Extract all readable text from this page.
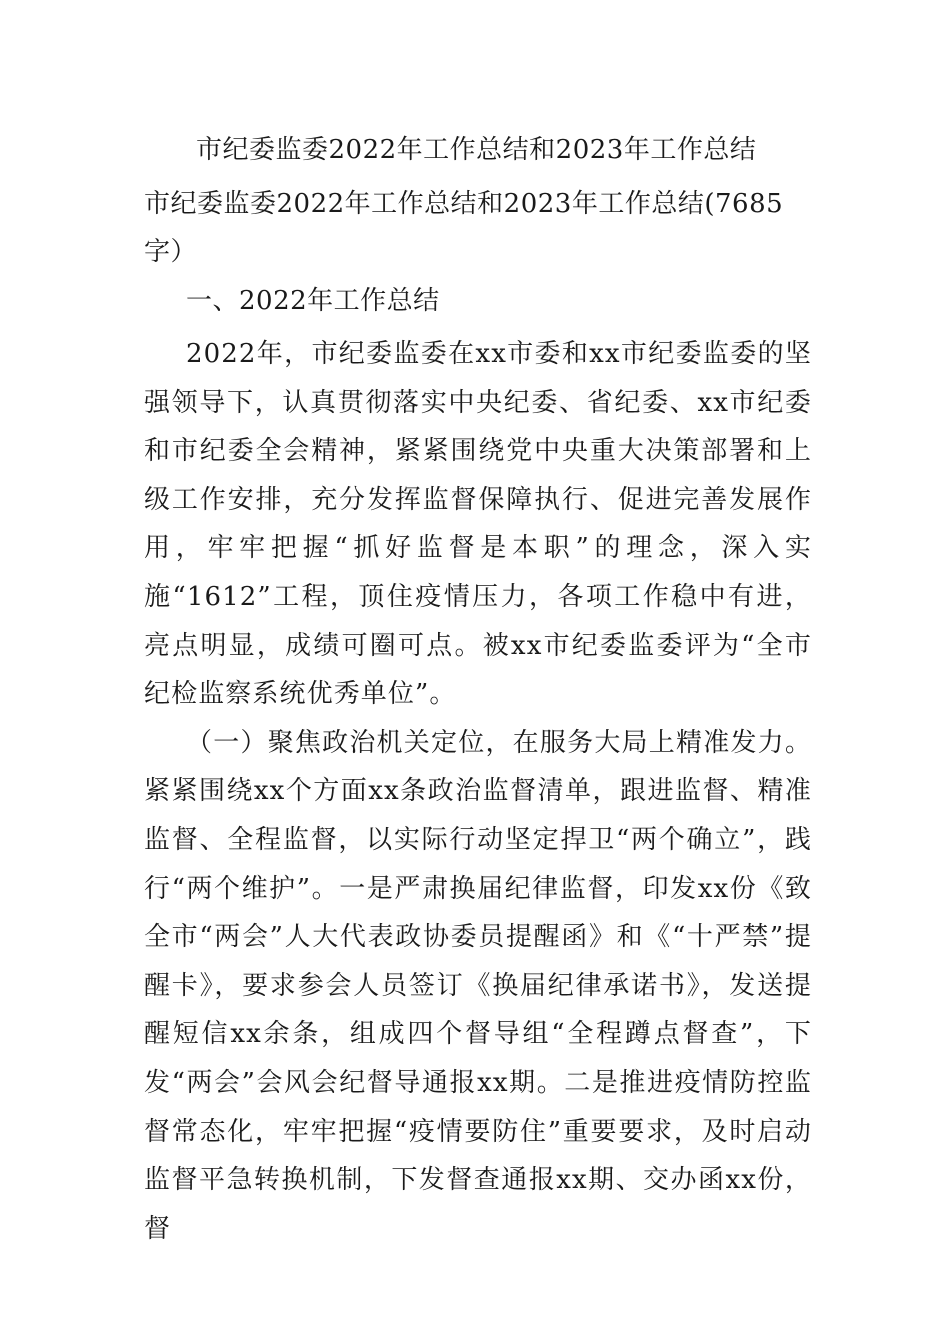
市纪委监委2022年工作总结和2023年工作总结
市纪委监委2022年工作总结和2023年工作总结(7685字）
一、2022年工作总结

2022年，市纪委监委在xx市委和xx市纪委监委的坚强领导下，认真贯彻落实中央纪委、省纪委、xx市纪委和市纪委全会精神，紧紧围绕党中央重大决策部署和上级工作安排，充分发挥监督保障执行、促进完善发展作用，牢牢把握“抓好监督是本职”的理念，深入实施“1612”工程，顶住疫情压力，各项工作稳中有进，亮点明显，成绩可圈可点。被xx市纪委监委评为“全市纪检监察系统优秀单位”。

（一）聚焦政治机关定位，在服务大局上精准发力。紧紧围绕xx个方面xx条政治监督清单，跟进监督、精准监督、全程监督，以实际行动坚定捍卫“两个确立”，践行“两个维护”。一是严肃换届纪律监督，印发xx份《致全市“两会”人大代表政协委员提醒函》和《“十严禁”提醒卡》，要求参会人员签订《换届纪律承诺书》，发送提醒短信xx余条，组成四个督导组“全程蹲点督查”，下发“两会”会风会纪督导通报xx期。二是推进疫情防控监督常态化，牢牢把握“疫情要防住”重要要求，及时启动监督平急转换机制，下发督查通报xx期、交办函xx份，督
